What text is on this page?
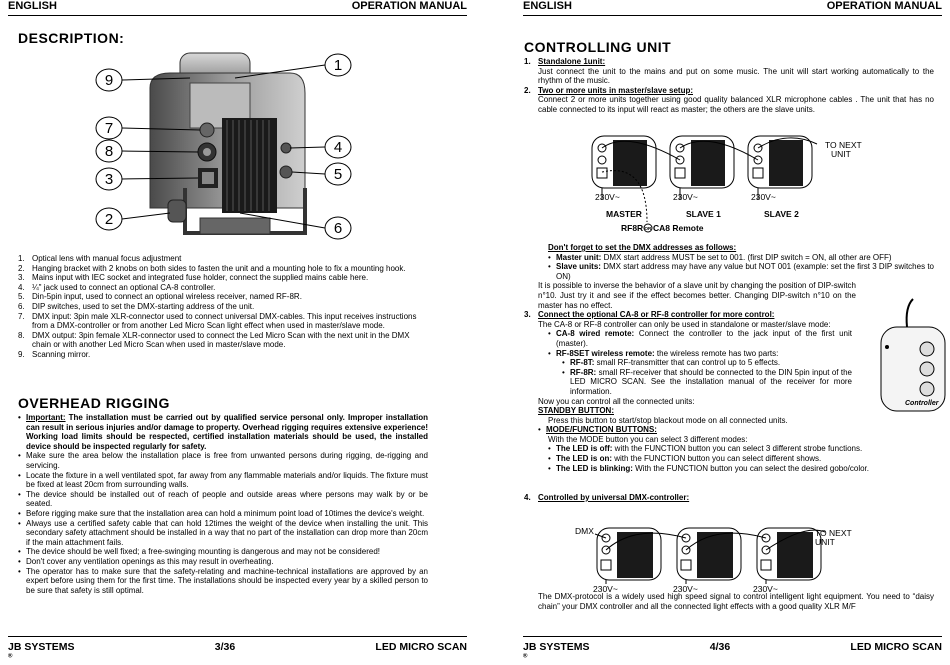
ENGLISH	OPERATION MANUAL
DESCRIPTION:
9
1
7
4
8
5
3
2
6
1. Optical lens with manual focus adjustment
2. Hanging bracket with 2 knobs on both sides to fasten the unit and a mounting hole to fix a mounting hook.
3. Mains input with IEC socket and integrated fuse holder, connect the supplied mains cable here.
4. ¼" jack used to connect an optional CA-8 controller.
5. Din-5pin input, used to connect an optional wireless receiver, named RF-8R.
6. DIP switches, used to set the DMX-starting address of the unit.
7. DMX input: 3pin male XLR-connector used to connect universal DMX-cables. This input receives instructions from a DMX-controller or from another Led Micro Scan light effect when used in master/slave mode.
8. DMX output: 3pin female XLR-connector used to connect the Led Micro Scan with the next unit in the DMX chain or with another Led Micro Scan when used in master/slave mode.
9. Scanning mirror.
OVERHEAD RIGGING
• Important: The installation must be carried out by qualified service personal only. Improper installation can result in serious injuries and/or damage to property. Overhead rigging requires extensive experience! Working load limits should be respected, certified installation materials should be used, the installed device should be inspected regularly for safety.
• Make sure the area below the installation place is free from unwanted persons during rigging, de-rigging and servicing.
• Locate the fixture in a well ventilated spot, far away from any flammable materials and/or liquids. The fixture must be fixed at least 20cm from surrounding walls.
• The device should be installed out of reach of people and outside areas where persons may walk by or be seated.
• Before rigging make sure that the installation area can hold a minimum point load of 10times the device's weight.
• Always use a certified safety cable that can hold 12times the weight of the device when installing the unit. This secondary safety attachment should be installed in a way that no part of the installation can drop more than 20cm if the main attachment fails.
• The device should be well fixed; a free-swinging mounting is dangerous and may not be considered!
• Don't cover any ventilation openings as this may result in overheating.
• The operator has to make sure that the safety-relating and machine-technical installations are approved by an expert before using them for the first time. The installations should be inspected every year by a skilled person to be sure that safety is still optimal.
JB SYSTEMS
®
3/36	LED MICRO SCAN
ENGLISH	OPERATION MANUAL
CONTROLLING UNIT
1. Standalone 1unit:
Just connect the unit to the mains and put on some music. The unit will start working automatically to the rhythm of the music.
2. Two or more units in master/slave setup:
Connect 2 or more units together using good quality balanced XLR microphone cables . The unit that has no cable connected to its input will react as master; the others are the slave units.
TO NEXT
UNIT
230V~	230V~	230V~
MASTER	SLAVE 1	SLAVE 2
RF8R OR CA8 Remote
Don't forget to set the DMX addresses as follows:
• Master unit: DMX start address MUST be set to 001. (first DIP switch = ON, all other are OFF)
• Slave units: DMX start address may have any value but NOT 001 (example: set the first 3 DIP switches to ON)
It is possible to inverse the behavior of a slave unit by changing the position of DIP-switch n°10. Just try it and see if the effect becomes better. Changing DIP-switch n°10 on the master has no effect.
3. Connect the optional CA-8 or RF-8 controller for more control:
The CA-8 or RF-8 controller can only be used in standalone or master/slave mode:
• CA-8 wired remote: Connect the controller to the jack input of the first unit (master).
• RF-8SET wireless remote: the wireless remote has two parts:
• RF-8T: small RF-transmitter that can control up to 5 effects.
• RF-8R: small RF-receiver that should be connected to the DIN 5pin input of the LED MICRO SCAN. See the installation manual of the receiver for more information.
Now you can control all the connected units:
STANDBY BUTTON:
Press this button to start/stop blackout mode on all connected units.
• MODE/FUNCTION BUTTONS:
With the MODE button you can select 3 different modes:
• The LED is off: with the FUNCTION button you can select 3 different strobe functions.
• The LED is on: with the FUNCTION button you can select different shows.
• The LED is blinking: With the FUNCTION button you can select the desired gobo/color.
Controller
4. Controlled by universal DMX-controller:
DMX	TO NEXT
UNIT
230V~	230V~	230V~
The DMX-protocol is a widely used high speed signal to control intelligent light equipment. You need to “daisy chain” your DMX controller and all the connected light effects with a good quality XLR M/F
JB SYSTEMS
®
4/36	LED MICRO SCAN
